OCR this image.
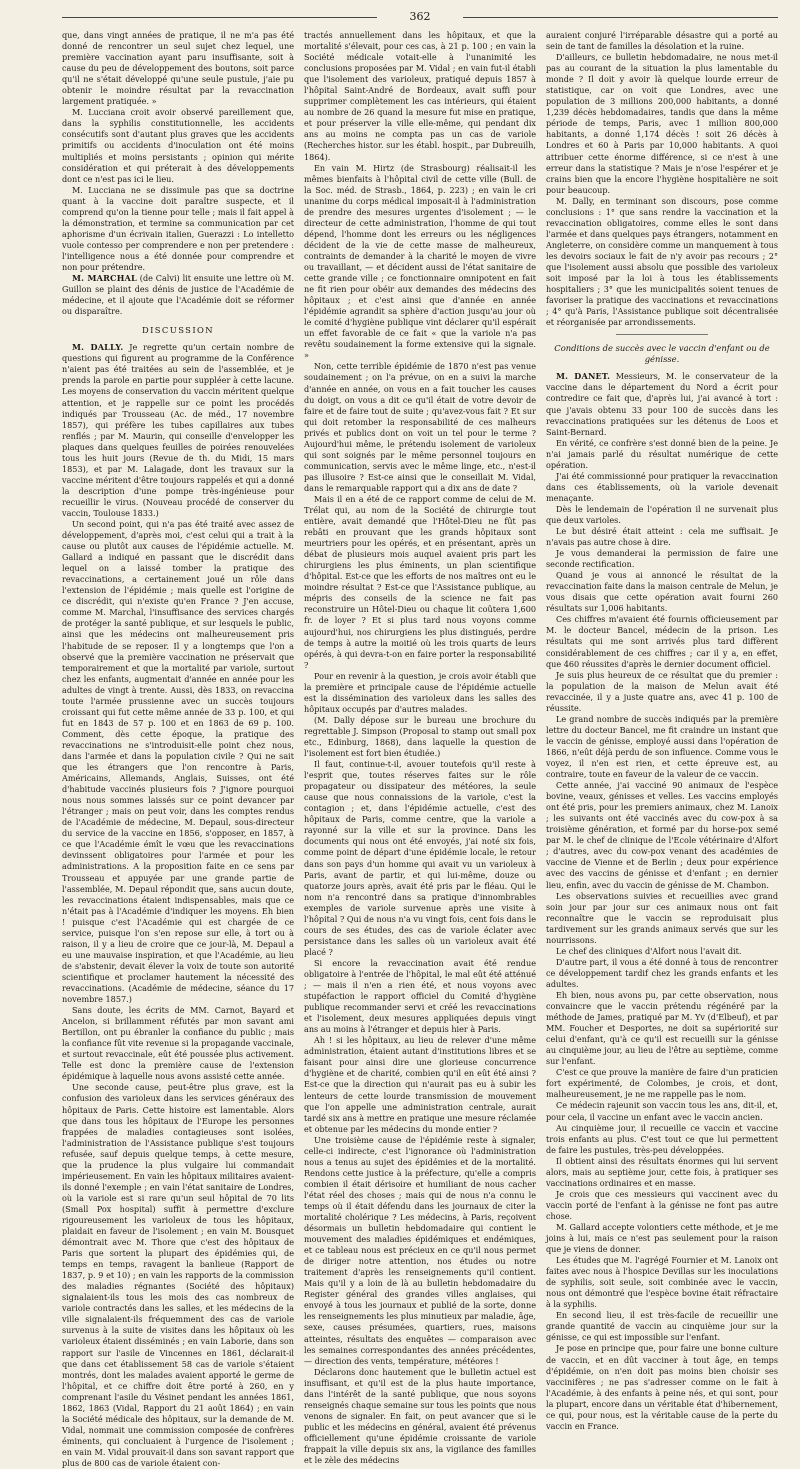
362

que, dans vingt années de pratique, il ne m'a pas été donné de rencontrer un seul sujet chez lequel, une première vaccination ayant paru insuffisante, soit à cause du peu de développement des boutons, soit parce qu'il ne s'était développé qu'une seule pustule, j'aie pu obtenir le moindre résultat par la revaccination largement pratiquée. »

M. Lucciana croit avoir observé pareillement que, dans la syphilis constitutionnelle, les accidents consécutifs sont d'autant plus graves que les accidents primitifs ou accidents d'inoculation ont été moins multipliés et moins persistants ; opinion qui mérite considération et qui préterait à des développements dont ce n'est pas ici le lieu.

M. Lucciana ne se dissimule pas que sa doctrine quant à la vaccine doit paraître suspecte, et il comprend qu'on la tienne pour telle ; mais il fait appel à la démonstration, et termine sa communication par cet aphorisme d'un écrivain italien, Guerazzi : Lo intelletto vuole contesso per comprendere e non per pretendere : l'intelligence nous a été donnée pour comprendre et non pour prétendre.

M. MARCHAL (de Calvi) lit ensuite une lettre où M. Guillon se plaint des dénis de justice de l'Académie de médecine, et il ajoute que l'Académie doit se réformer ou disparaître.

DISCUSSION

M. DALLY. Je regrette qu'un certain nombre de questions qui figurent au programme de la Conférence n'aient pas été traitées au sein de l'assemblée, et je prends la parole en partie pour suppléer à cette lacune. Les moyens de conservation du vaccin méritent quelque attention, et je rappelle sur ce point les procédés indiqués par Trousseau (Ac. de méd., 17 novembre 1857), qui préfère les tubes capillaires aux tubes renflés ; par M. Maurin, qui conseille d'envelopper les plaques dans quelques feuilles de poirées renouvelées tous les huit jours (Revue de th. du Midi, 15 mars 1853), et par M. Lalagade, dont les travaux sur la vaccine méritent d'être toujours rappelés et qui a donné la description d'une pompe très-ingénieuse pour recueillir le virus. (Nouveau procédé de conserver du vaccin, Toulouse 1833.)

Un second point, qui n'a pas été traité avec assez de développement, d'après moi, c'est celui qui a trait à la cause ou plutôt aux causes de l'épidémie actuelle. M. Gallard a indiqué en passant que le discrédit dans lequel on a laissé tomber la pratique des revaccinations, a certainement joué un rôle dans l'extension de l'épidémie ; mais quelle est l'origine de ce discrédit, qui n'existe qu'en France ? J'en accuse, comme M. Marchal, l'insuffisance des services chargés de protéger la santé publique, et sur lesquels le public, ainsi que les médecins ont malheureusement pris l'habitude de se reposer. Il y a longtemps que l'on a observé que la première vaccination ne préservait que temporairement et que la mortalité par variole, surtout chez les enfants, augmentait d'année en année pour les adultes de vingt à trente. Aussi, dès 1833, on revaccina toute l'armée prussienne avec un succès toujours croissant qui fut cette même année de 33 p. 100, et qui fut en 1843 de 57 p. 100 et en 1863 de 69 p. 100. Comment, dès cette époque, la pratique des revaccinations ne s'introduisit-elle point chez nous, dans l'armée et dans la population civile ? Qui ne sait que les étrangers que l'on rencontre à Paris, Américains, Allemands, Anglais, Suisses, ont été d'habitude vaccinés plusieurs fois ? J'ignore pourquoi nous nous sommes laissés sur ce point devancer par l'étranger ; mais on peut voir, dans les comptes rendus de l'Académie de médecine, M. Depaul, sous-directeur du service de la vaccine en 1856, s'opposer, en 1857, à ce que l'Académie émît le vœu que les revaccinations devinssent obligatoires pour l'armée et pour les administrations. A la proposition faite en ce sens par Trousseau et appuyée par une grande partie de l'assemblée, M. Depaul répondit que, sans aucun doute, les revaccinations étaient indispensables, mais que ce n'était pas à l'Académie d'indiquer les moyens. Eh bien ! puisque c'est l'Académie qui est chargée de ce service, puisque l'on s'en repose sur elle, à tort ou à raison, il y a lieu de croire que ce jour-là, M. Depaul a eu une mauvaise inspiration, et que l'Académie, au lieu de s'abstenir, devait élever la voix de toute son autorité scientifique et proclamer hautement la nécessité des revaccinations. (Académie de médecine, séance du 17 novembre 1857.)

Sans doute, les écrits de MM. Carnot, Bayard et Ancelon, si brillamment réfutés par mon savant ami Bertillon, ont pu ébranler la confiance du public ; mais la confiance fût vite revenue si la propagande vaccinale, et surtout revaccinale, eût été poussée plus activement. Telle est donc la première cause de l'extension épidémique à laquelle nous avons assisté cette année.

Une seconde cause, peut-être plus grave, est la confusion des varioleux dans les services généraux des hôpitaux de Paris. Cette histoire est lamentable. Alors que dans tous les hôpitaux de l'Europe les personnes frappées de maladies contagieuses sont isolées, l'administration de l'Assistance publique s'est toujours refusée, sauf depuis quelque temps, à cette mesure, que la prudence la plus vulgaire lui commandait impérieusement. En vain les hôpitaux militaires avaient-ils donné l'exemple ; en vain l'état sanitaire de Londres, où la variole est si rare qu'un seul hôpital de 70 lits (Small Pox hospital) suffit à permettre d'exclure rigoureusement les varioleux de tous les hôpitaux, plaidait en faveur de l'isolement ; en vain M. Bousquet démontrait avec M. Thore que c'est des hôpitaux de Paris que sortent la plupart des épidémies qui, de temps en temps, ravagent la banlieue (Rapport de 1837, p. 9 et 10) ; en vain les rapports de la commission des maladies régnantes (Société des hôpitaux) signalaient-ils tous les mois des cas nombreux de variole contractés dans les salles, et les médecins de la ville signalaient-ils fréquemment des cas de variole survenus à la suite de visites dans les hôpitaux où les varioleux étaient disséminés ; en vain Laborie, dans son rapport sur l'asile de Vincennes en 1861, déclarait-il que dans cet établissement 58 cas de variole s'étaient montrés, dont les malades avaient apporté le germe de l'hôpital, et ce chiffre doit être porté à 260, en y comprenant l'asile du Vésinet pendant les années 1861, 1862, 1863 (Vidal, Rapport du 21 août 1864) ; en vain la Société médicale des hôpitaux, sur la demande de M. Vidal, nommait une commission composée de confrères éminents, qui concluaient à l'urgence de l'isolement ; en vain M. Vidal prouvait-il dans son savant rapport que plus de 800 cas de variole étaient con-

tractés annuellement dans les hôpitaux, et que la mortalité s'élevait, pour ces cas, à 21 p. 100 ; en vain la Société médicale votait-elle à l'unanimité les conclusions proposées par M. Vidal ; en vain fut-il établi que l'isolement des varioleux, pratiqué depuis 1857 à l'hôpital Saint-André de Bordeaux, avait suffi pour supprimer complètement les cas intérieurs, qui étaient au nombre de 26 quand la mesure fut mise en pratique, et pour préserver la ville elle-même, qui pendant dix ans au moins ne compta pas un cas de variole (Recherches histor. sur les établ. hospit., par Dubreuilh, 1864).

En vain M. Hirtz (de Strasbourg) réalisait-il les mêmes bienfaits à l'hôpital civil de cette ville (Bull. de la Soc. méd. de Strasb., 1864, p. 223) ; en vain le cri unanime du corps médical imposait-il à l'administration de prendre des mesures urgentes d'isolement ; — le directeur de cette administration, l'homme de qui tout dépend, l'homme dont les erreurs ou les négligences décident de la vie de cette masse de malheureux, contraints de demander à la charité le moyen de vivre ou travaillant, — et décident aussi de l'état sanitaire de cette grande ville ; ce fonctionnaire omnipotent en fait ne fit rien pour obéir aux demandes des médecins des hôpitaux ; et c'est ainsi que d'année en année l'épidémie agrandit sa sphère d'action jusqu'au jour où le comité d'hygiène publique vint déclarer qu'il espérait un effet favorable de ce fait « que la variole n'a pas revêtu soudainement la forme extensive qui la signale. »

Non, cette terrible épidémie de 1870 n'est pas venue soudainement ; on l'a prévue, on en a suivi la marche d'année en année, on vous en a fait toucher les causes du doigt, on vous a dit ce qu'il était de votre devoir de faire et de faire tout de suite ; qu'avez-vous fait ? Et sur qui doit retomber la responsabilité de ces malheurs privés et publics dont on voit un tel pour le terme ? Aujourd'hui même, le prétendu isolement de varioleux qui sont soignés par le même personnel toujours en communication, servis avec le même linge, etc., n'est-il pas illusoire ? Est-ce ainsi que le conseillait M. Vidal, dans le remarquable rapport qui a dix ans de date ?

Mais il en a été de ce rapport comme de celui de M. Trélat qui, au nom de la Société de chirurgie tout entière, avait demandé que l'Hôtel-Dieu ne fût pas rebâti en prouvant que les grands hôpitaux sont meurtriers pour les opérés, et en présentant, après un débat de plusieurs mois auquel avaient pris part les chirurgiens les plus éminents, un plan scientifique d'hôpital. Est-ce que les efforts de nos maîtres ont eu le moindre résultat ? Est-ce que l'Assistance publique, au mépris des conseils de la science ne fait pas reconstruire un Hôtel-Dieu ou chaque lit coûtera 1,600 fr. de loyer ? Et si plus tard nous voyons comme aujourd'hui, nos chirurgiens les plus distingués, perdre de temps à autre la moitié où les trois quarts de leurs opérés, à qui devra-t-on en faire porter la responsabilité ?

Pour en revenir à la question, je crois avoir établi que la première et principale cause de l'épidémie actuelle est la dissémination des varioleux dans les salles des hôpitaux occupés par d'autres malades.

(M. Dally dépose sur le bureau une brochure du regrettable J. Simpson (Proposal to stamp out small pox etc., Edinburg, 1868), dans laquelle la question de l'isolement est fort bien étudiée.)

Il faut, continue-t-il, avouer toutefois qu'il reste à l'esprit que, toutes réserves faites sur le rôle propagateur ou dissipateur des météores, la seule cause que nous connaissions de la variole, c'est la contagion ; et, dans l'épidémie actuelle, c'est des hôpitaux de Paris, comme centre, que la variole a rayonné sur la ville et sur la province. Dans les documents qui nous ont été envoyés, j'ai noté six fois, comme point de départ d'une épidémie locale, le retour dans son pays d'un homme qui avait vu un varioleux à Paris, avant de partir, et qui lui-même, douze ou quatorze jours après, avait été pris par le fléau. Qui le nom n'a rencontré dans sa pratique d'innombrables exemples de variole survenue après une visite à l'hôpital ? Qui de nous n'a vu vingt fois, cent fois dans le cours de ses études, des cas de variole éclater avec persistance dans les salles où un varioleux avait été placé ?

Si encore la revaccination avait été rendue obligatoire à l'entrée de l'hôpital, le mal eût été atténué ; — mais il n'en a rien été, et nous voyons avec stupéfaction le rapport officiel du Comité d'hygiène publique recommander servi et créé les revaccinations et l'isolement, deux mesures appliquées depuis vingt ans au moins à l'étranger et depuis hier à Paris.

Ah ! si les hôpitaux, au lieu de relever d'une même administration, étaient autant d'institutions libres et se faisant pour ainsi dire une glorieuse concurrence d'hygiène et de charité, combien qu'il en eût été ainsi ? Est-ce que la direction qui n'aurait pas eu à subir les lenteurs de cette lourde transmission de mouvement que l'on appelle une administration centrale, aurait tardé six ans à mettre en pratique une mesure réclamée et obtenue par les médecins du monde entier ?

Une troisième cause de l'épidémie reste à signaler, celle-ci indirecte, c'est l'ignorance où l'administration nous a tenus au sujet des épidémies et de la mortalité. Rendons cette justice à la préfecture, qu'elle a compris combien il était dérisoire et humiliant de nous cacher l'état réel des choses ; mais qui de nous n'a connu le temps où il était défendu dans les journaux de citer la mortalité cholérique ? Les médecins, à Paris, reçoivent désormais un bulletin hebdomadaire qui contient le mouvement des maladies épidémiques et endémiques, et ce tableau nous est précieux en ce qu'il nous permet de diriger notre attention, nos études ou notre traitement d'après les renseignements qu'il contient. Mais qu'il y a loin de là au bulletin hebdomadaire du Register général des grandes villes anglaises, qui envoyé à tous les journaux et publié de la sorte, donne les renseignements les plus minutieux par maladie, âge, sexe, causes présumées, quartiers, rues, maisons atteintes, résultats des enquêtes — comparaison avec les semaines correspondantes des années précédentes, — direction des vents, température, météores !

Déclarons donc hautement que le bulletin actuel est insuffisant, et qu'il est de la plus haute importance, dans l'intérêt de la santé publique, que nous soyons renseignés chaque semaine sur tous les points que nous venons de signaler. En fait, on peut avancer que si le public et les médecins en général, avaient été prévenus officiellement qu'une épidémie croissante de variole frappait la ville depuis six ans, la vigilance des familles et le zèle des médecins

auraient conjuré l'irréparable désastre qui a porté au sein de tant de familles la désolation et la ruine.

D'ailleurs, ce bulletin hebdomadaire, ne nous met-il pas au courant de la situation la plus lamentable du monde ? Il doit y avoir là quelque lourde erreur de statistique, car on voit que Londres, avec une population de 3 millions 200,000 habitants, a donné 1,239 décès hebdomadaires, tandis que dans la même période de temps, Paris, avec 1 million 800,000 habitants, a donné 1,174 décès ! soit 26 décès à Londres et 60 à Paris par 10,000 habitants. A quoi attribuer cette énorme différence, si ce n'est à une erreur dans la statistique ? Mais je n'ose l'espérer et je crains bien que la encore l'hygiène hospitalière ne soit pour beaucoup.

M. Dally, en terminant son discours, pose comme conclusions : 1° que sans rendre la vaccination et la revaccination obligatoires, comme elles le sont dans l'armée et dans quelques pays étrangers, notamment en Angleterre, on considère comme un manquement à tous les devoirs sociaux le fait de n'y avoir pas recours ; 2° que l'isolement aussi absolu que possible des varioleux soit imposé par la loi à tous les établissements hospitaliers ; 3° que les municipalités soient tenues de favoriser la pratique des vaccinations et revaccinations ; 4° qu'à Paris, l'Assistance publique soit décentralisée et réorganisée par arrondissements.

Conditions de succès avec le vaccin d'enfant ou de génisse.

M. DANET. Messieurs, M. le conservateur de la vaccine dans le département du Nord a écrit pour contredire ce fait que, d'après lui, j'ai avancé à tort : que j'avais obtenu 33 pour 100 de succès dans les revaccinations pratiquées sur les détenus de Loos et Saint-Bernard.

En vérité, ce confrère s'est donné bien de la peine. Je n'ai jamais parlé du résultat numérique de cette opération.

J'ai été commissionné pour pratiquer la revaccination dans ces établissements, où la variole devenait menaçante.

Dès le lendemain de l'opération il ne survenait plus que deux varioles.

Le but désiré était atteint : cela me suffisait. Je n'avais pas autre chose à dire.

Je vous demanderai la permission de faire une seconde rectification.

Quand je vous ai annoncé le résultat de la revaccination faite dans la maison centrale de Melun, je vous disais que cette opération avait fourni 260 résultats sur 1,006 habitants.

Ces chiffres m'avaient été fournis officieusement par M. le docteur Bancel, médecin de la prison. Les résultats qui me sont arrivés plus tard diffèrent considérablement de ces chiffres ; car il y a, en effet, que 460 réussites d'après le dernier document officiel.

Je suis plus heureux de ce résultat que du premier : la population de la maison de Melun avait été revaccinée, il y a juste quatre ans, avec 41 p. 100 de réussite.

Le grand nombre de succès indiqués par la première lettre du docteur Bancel, me fit craindre un instant que le vaccin de génisse, employé aussi dans l'opération de 1866, n'eût déjà perdu de son influence. Comme vous le voyez, il n'en est rien, et cette épreuve est, au contraire, toute en faveur de la valeur de ce vaccin.

Cette année, j'ai vacciné 90 animaux de l'espèce bovine, veaux, génisses et velles. Les vaccins employés ont été pris, pour les premiers animaux, chez M. Lanoix ; les suivants ont été vaccinés avec du cow-pox à sa troisième génération, et formé par du horse-pox semé par M. le chef de clinique de l'Ecole vétérinaire d'Alfort ; d'autres, avec du cow-pox venant des académies de vaccine de Vienne et de Berlin ; deux pour expérience avec des vaccins de génisse et d'enfant ; en dernier lieu, enfin, avec du vaccin de génisse de M. Chambon.

Les observations suivies et recueillies avec grand soin jour par jour sur ces animaux nous ont fait reconnaître que le vaccin se reproduisait plus tardivement sur les grands animaux servés que sur les nourrissons.

Le chef des cliniques d'Alfort nous l'avait dit.

D'autre part, il vous a été donné à tous de rencontrer ce développement tardif chez les grands enfants et les adultes.

Eh bien, nous avons pu, par cette observation, nous convaincre que le vaccin prétendu régénéré par la méthode de James, pratiqué par M. Yv (d'Elbeuf), et par MM. Foucher et Desportes, ne doit sa supériorité sur celui d'enfant, qu'à ce qu'il est recueilli sur la génisse au cinquième jour, au lieu de l'être au septième, comme sur l'enfant.

C'est ce que prouve la manière de faire d'un praticien fort expérimenté, de Colombes, je crois, et dont, malheureusement, je ne me rappelle pas le nom.

Ce médecin rajeunit son vaccin tous les ans, dit-il, et, pour cela, il vaccine un enfant avec le vaccin ancien.

Au cinquième jour, il recueille ce vaccin et vaccine trois enfants au plus. C'est tout ce que lui permettent de faire les pustules, très-peu développées.

Il obtient ainsi des résultats énormes qui lui servent alors, mais au septième jour, cette fois, à pratiquer ses vaccinations ordinaires et en masse.

Je crois que ces messieurs qui vaccinent avec du vaccin porté de l'enfant à la génisse ne font pas autre chose.

M. Gallard accepte volontiers cette méthode, et je me joins à lui, mais ce n'est pas seulement pour la raison que je viens de donner.

Les études que M. l'agrégé Fournier et M. Lanoix ont faites avec nous à l'hospice Devillas sur les inoculations de syphilis, soit seule, soit combinée avec le vaccin, nous ont démontré que l'espèce bovine était réfractaire à la syphilis.

En second lieu, il est très-facile de recueillir une grande quantité de vaccin au cinquième jour sur la génisse, ce qui est impossible sur l'enfant.

Je pose en principe que, pour faire une bonne culture de vaccin, et en dût vacciner à tout âge, en temps d'épidémie, on n'en doit pas moins bien choisir ses vaccinifères ; ne pas s'adresser comme on le fait à l'Académie, à des enfants à peine nés, et qui sont, pour la plupart, encore dans un véritable état d'hibernement, ce qui, pour nous, est la véritable cause de la perte du vaccin en France.
